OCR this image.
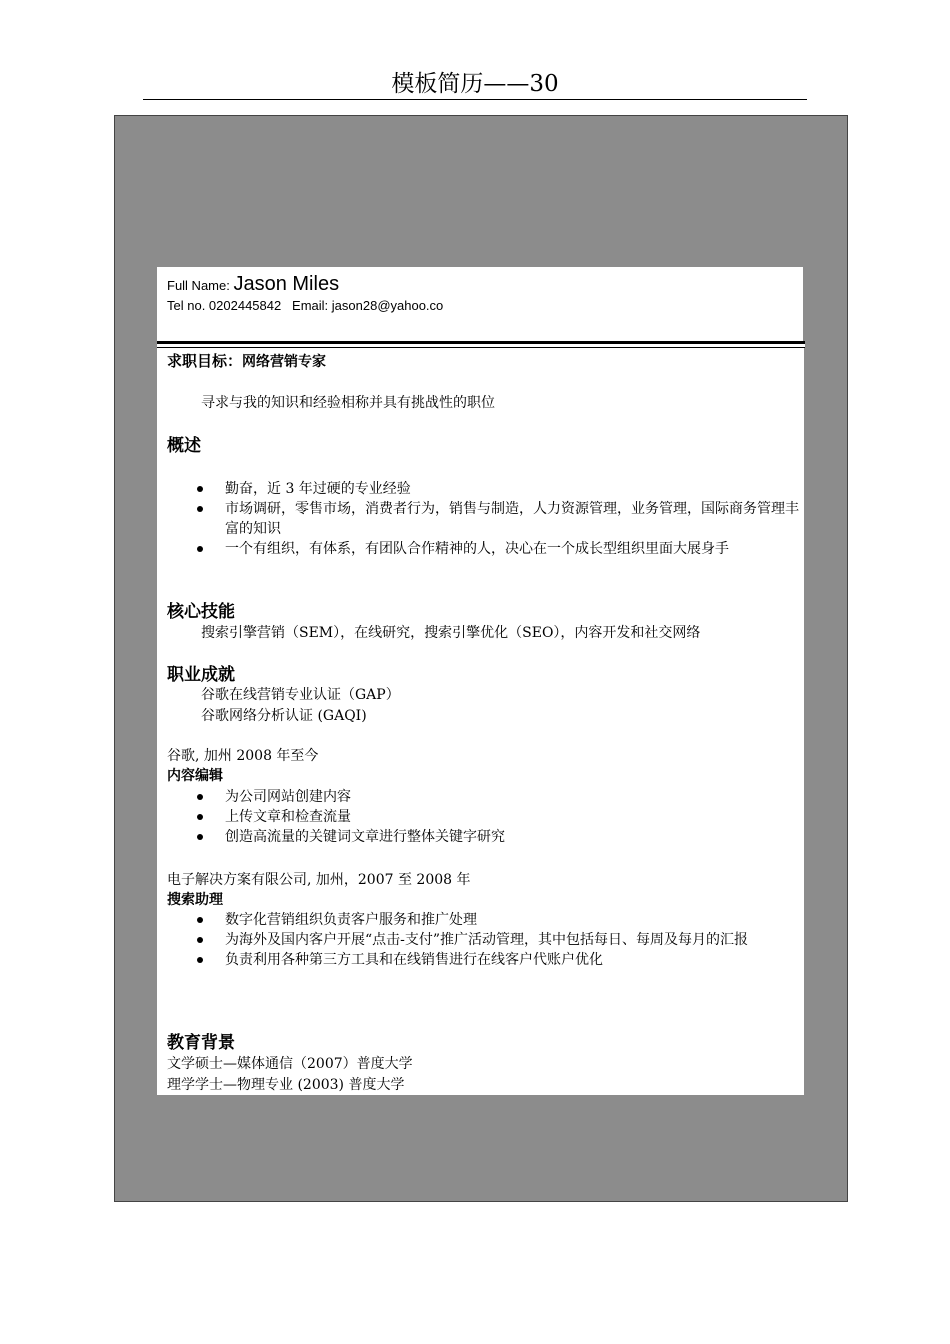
模板简历——30
Full Name: Jason Miles
Tel no. 0202445842   Email: jason28@yahoo.co
求职目标：网络营销专家
寻求与我的知识和经验相称并具有挑战性的职位
概述
勤奋，近 3 年过硬的专业经验
市场调研，零售市场，消费者行为，销售与制造，人力资源管理，业务管理，国际商务管理丰富的知识
一个有组织，有体系，有团队合作精神的人，决心在一个成长型组织里面大展身手
核心技能
搜索引擎营销（SEM），在线研究，搜索引擎优化（SEO），内容开发和社交网络
职业成就
谷歌在线营销专业认证（GAP）
谷歌网络分析认证 (GAQI)
谷歌, 加州 2008 年至今
内容编辑
为公司网站创建内容
上传文章和检查流量
创造高流量的关键词文章进行整体关键字研究
电子解决方案有限公司, 加州，2007 至 2008 年
搜索助理
数字化营销组织负责客户服务和推广处理
为海外及国内客户开展“点击-支付”推广活动管理，其中包括每日、每周及每月的汇报
负责利用各种第三方工具和在线销售进行在线客户代账户优化
教育背景
文学硕士—媒体通信（2007）普度大学
理学学士—物理专业 (2003) 普度大学
